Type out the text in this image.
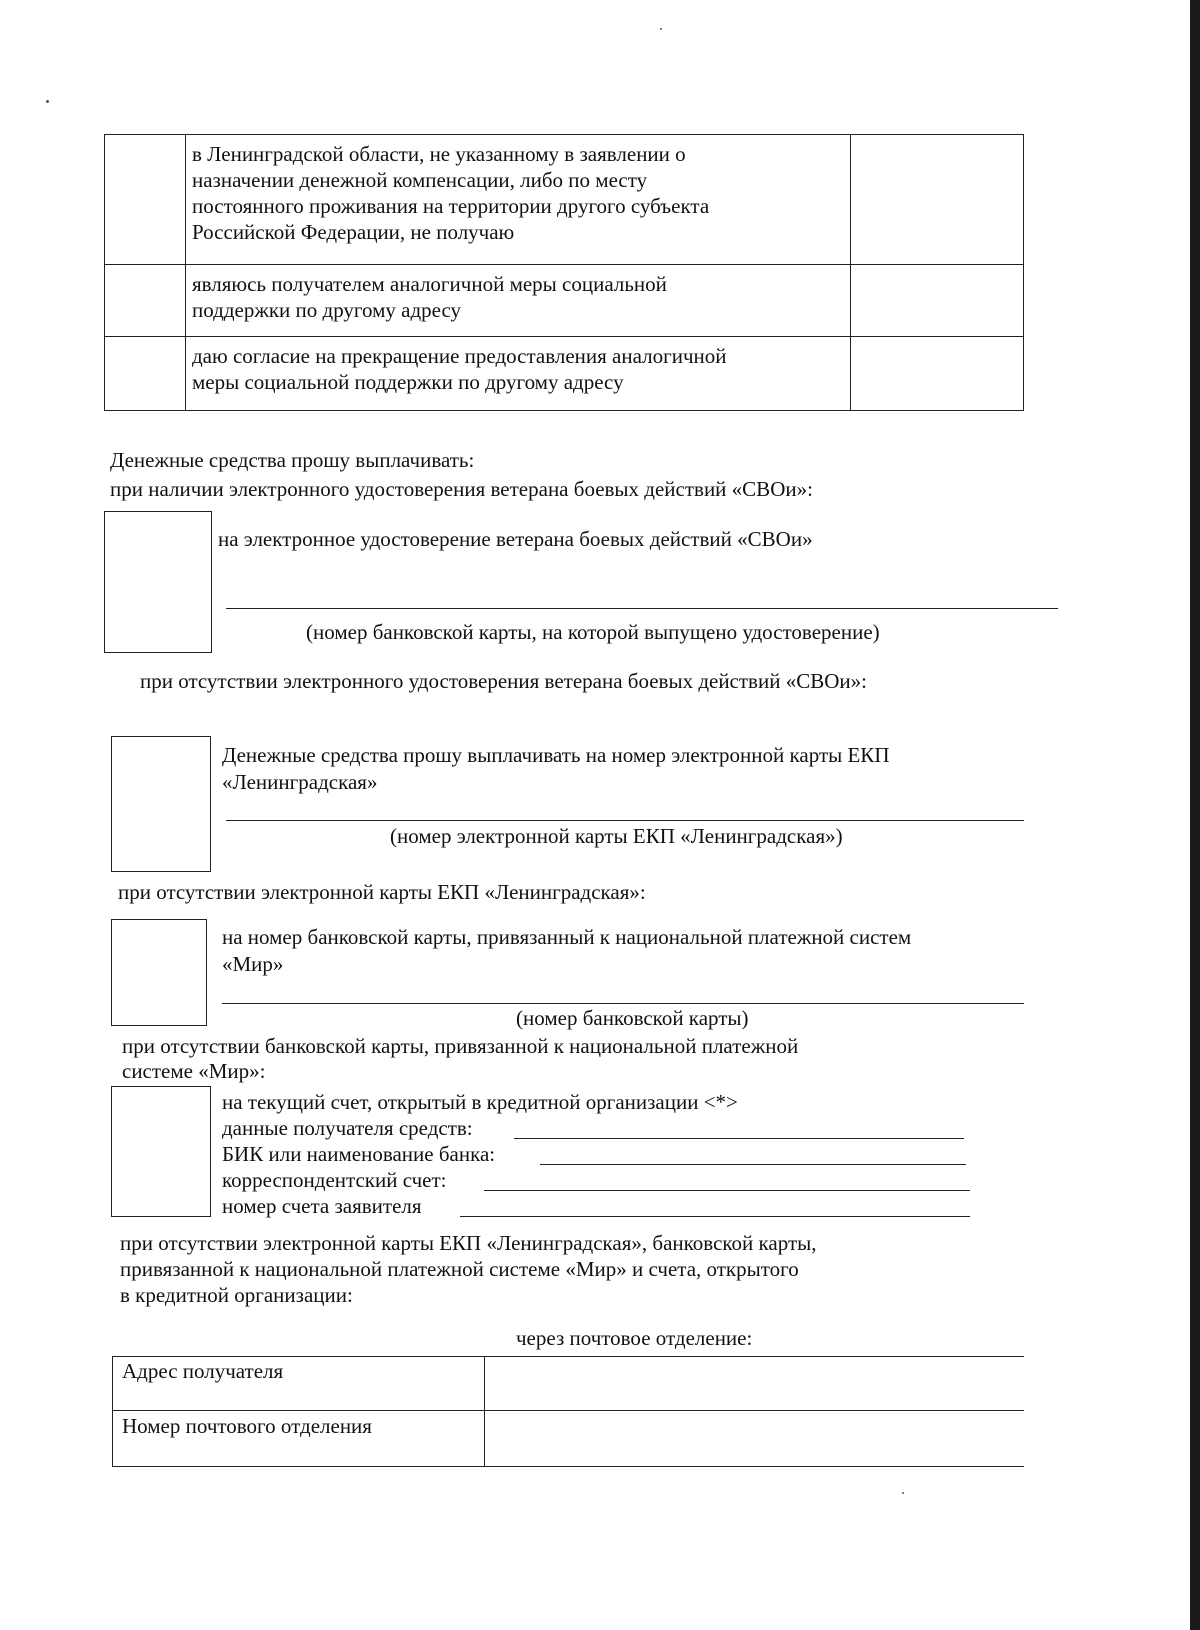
	в Ленинградской области, не указанному в заявлении о
назначении денежной компенсации, либо по месту
постоянного проживания на территории другого субъекта
Российской Федерации, не получаю	

	являюсь получателем аналогичной меры социальной
поддержки по другому адресу	

	даю согласие на прекращение предоставления аналогичной
меры социальной поддержки по другому адресу	

Денежные средства прошу выплачивать:
при наличии электронного удостоверения ветерана боевых действий «СВОи»:
на электронное удостоверение ветерана боевых действий «СВОи»
(номер банковской карты, на которой выпущено удостоверение)
при отсутствии электронного удостоверения ветерана боевых действий «СВОи»:
Денежные средства прошу выплачивать на номер электронной карты ЕКП
«Ленинградская»
(номер электронной карты ЕКП «Ленинградская»)
при отсутствии электронной карты ЕКП «Ленинградская»:
на номер банковской карты, привязанный к национальной платежной систем
«Мир»
(номер банковской карты)
при отсутствии банковской карты, привязанной к национальной платежной
системе «Мир»:
на текущий счет, открытый в кредитной организации <*>
данные получателя средств:
БИК или наименование банка:
корреспондентский счет:
номер счета заявителя
при отсутствии электронной карты ЕКП «Ленинградская», банковской карты,
привязанной к национальной платежной системе «Мир» и счета, открытого
в кредитной организации:
через почтовое отделение:
Адрес получателя
Номер почтового отделения
